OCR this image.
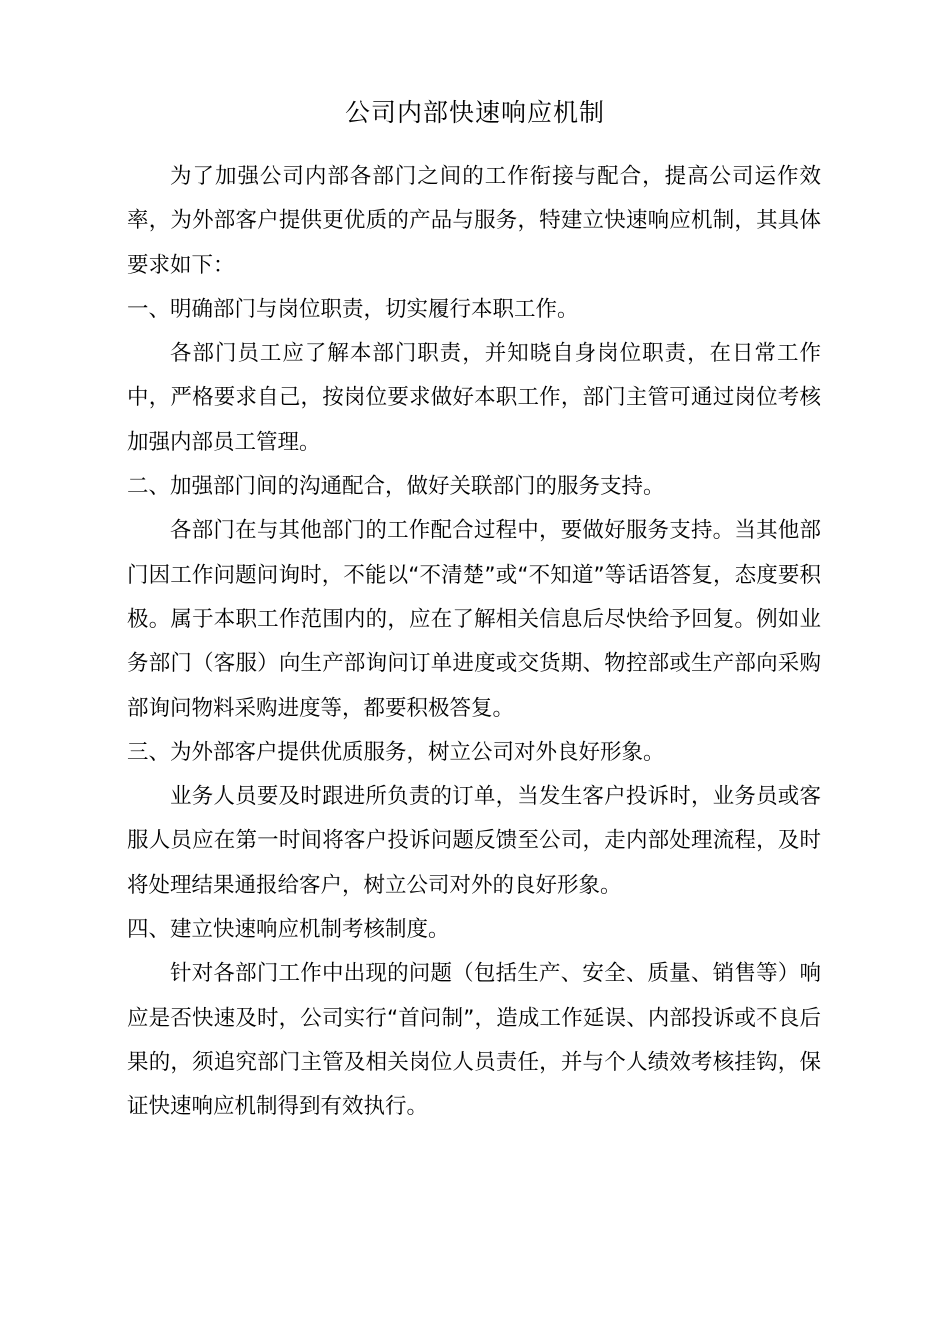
公司内部快速响应机制

为了加强公司内部各部门之间的工作衔接与配合，提高公司运作效率，为外部客户提供更优质的产品与服务，特建立快速响应机制，其具体要求如下：

一、明确部门与岗位职责，切实履行本职工作。

各部门员工应了解本部门职责，并知晓自身岗位职责，在日常工作中，严格要求自己，按岗位要求做好本职工作，部门主管可通过岗位考核加强内部员工管理。

二、加强部门间的沟通配合，做好关联部门的服务支持。

各部门在与其他部门的工作配合过程中，要做好服务支持。当其他部门因工作问题问询时，不能以“不清楚”或“不知道”等话语答复，态度要积极。属于本职工作范围内的，应在了解相关信息后尽快给予回复。例如业务部门（客服）向生产部询问订单进度或交货期、物控部或生产部向采购部询问物料采购进度等，都要积极答复。

三、为外部客户提供优质服务，树立公司对外良好形象。

业务人员要及时跟进所负责的订单，当发生客户投诉时，业务员或客服人员应在第一时间将客户投诉问题反馈至公司，走内部处理流程，及时将处理结果通报给客户，树立公司对外的良好形象。

四、建立快速响应机制考核制度。

针对各部门工作中出现的问题（包括生产、安全、质量、销售等）响应是否快速及时，公司实行“首问制”，造成工作延误、内部投诉或不良后果的，须追究部门主管及相关岗位人员责任，并与个人绩效考核挂钩，保证快速响应机制得到有效执行。
